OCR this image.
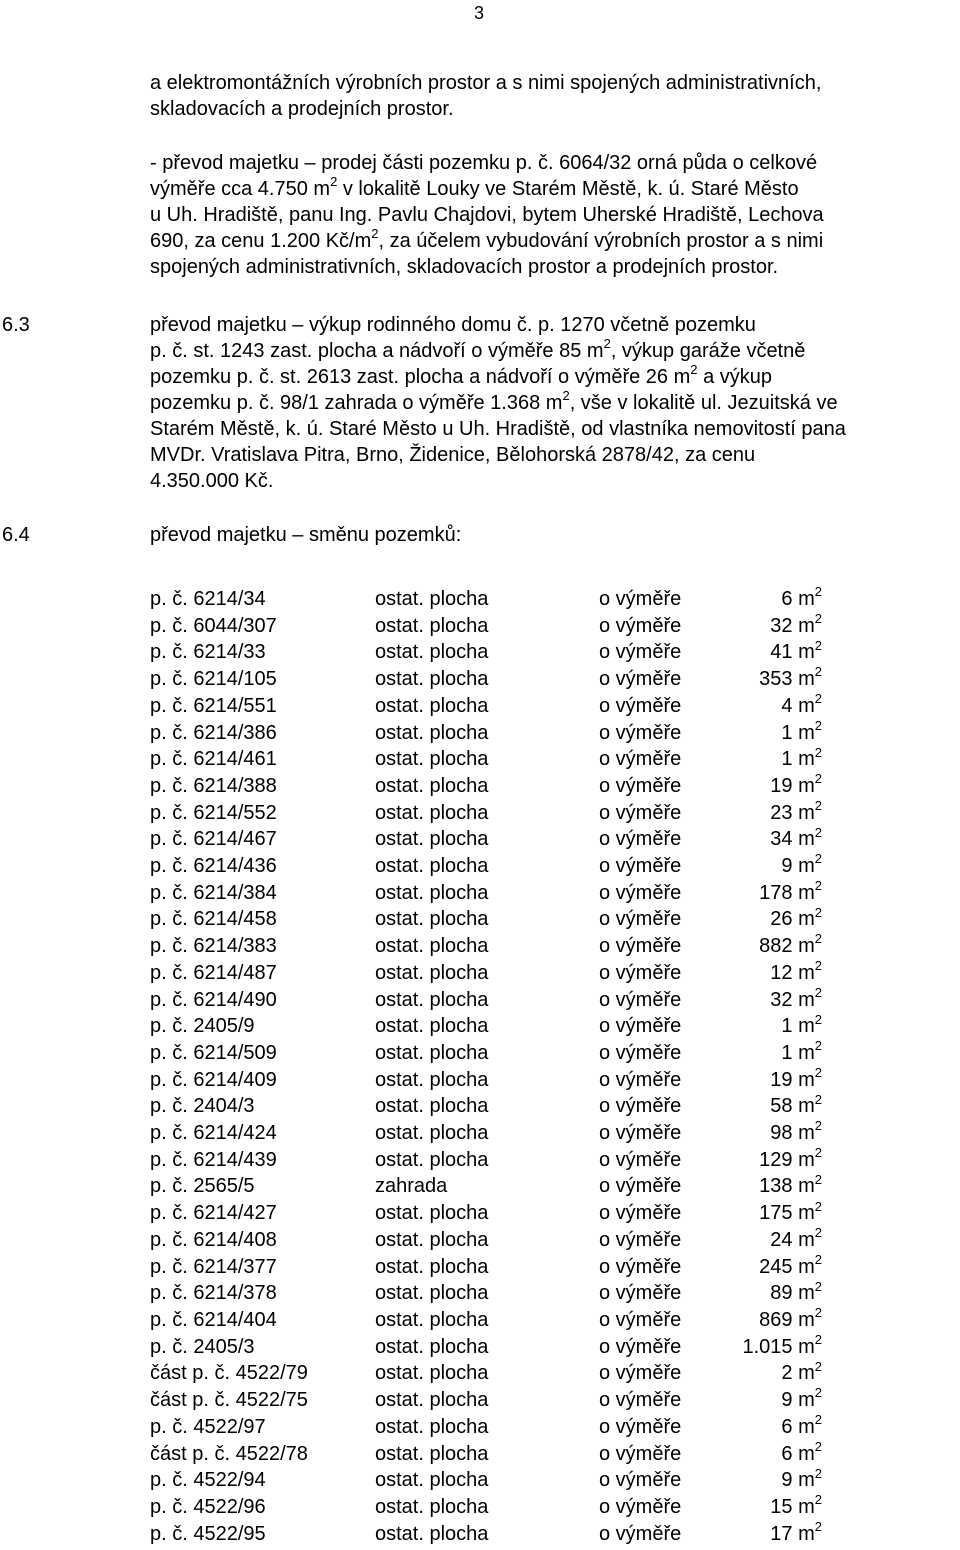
3
a elektromontážních výrobních prostor a s nimi spojených administrativních,
skladovacích a prodejních prostor.
- převod majetku – prodej části pozemku p. č. 6064/32 orná půda o celkové
výměře cca 4.750 $m^2$ v lokalitě Louky ve Starém Městě, k. ú. Staré Město
u Uh. Hradiště, panu Ing. Pavlu Chajdovi, bytem Uherské Hradiště, Lechova
690, za cenu 1.200 $Kč/m^2$, za účelem vybudování výrobních prostor a s nimi
spojených administrativních, skladovacích prostor a prodejních prostor.
6.3	převod majetku – výkup rodinného domu č. p. 1270 včetně pozemku
p. č. st. 1243 zast. plocha a nádvoří o výměře 85 $m^2$, výkup garáže včetně
pozemku p. č. st. 2613 zast. plocha a nádvoří o výměře 26 $m^2$ a výkup
pozemku p. č. 98/1 zahrada o výměře 1.368 $m^2$, vše v lokalitě ul. Jezuitská ve
Starém Městě, k. ú. Staré Město u Uh. Hradiště, od vlastníka nemovitostí pana
MVDr. Vratislava Pitra, Brno, Židenice, Bělohorská 2878/42, za cenu
4.350.000 Kč.
6.4	převod majetku – směnu pozemků:
p. č. 6214/34	ostat. plocha	o výměře	6 $m^2$
p. č. 6044/307	ostat. plocha	o výměře	32 $m^2$
p. č. 6214/33	ostat. plocha	o výměře	41 $m^2$
p. č. 6214/105	ostat. plocha	o výměře	353 $m^2$
p. č. 6214/551	ostat. plocha	o výměře	4 $m^2$
p. č. 6214/386	ostat. plocha	o výměře	1 $m^2$
p. č. 6214/461	ostat. plocha	o výměře	1 $m^2$
p. č. 6214/388	ostat. plocha	o výměře	19 $m^2$
p. č. 6214/552	ostat. plocha	o výměře	23 $m^2$
p. č. 6214/467	ostat. plocha	o výměře	34 $m^2$
p. č. 6214/436	ostat. plocha	o výměře	9 $m^2$
p. č. 6214/384	ostat. plocha	o výměře	178 $m^2$
p. č. 6214/458	ostat. plocha	o výměře	26 $m^2$
p. č. 6214/383	ostat. plocha	o výměře	882 $m^2$
p. č. 6214/487	ostat. plocha	o výměře	12 $m^2$
p. č. 6214/490	ostat. plocha	o výměře	32 $m^2$
p. č. 2405/9	ostat. plocha	o výměře	1 $m^2$
p. č. 6214/509	ostat. plocha	o výměře	1 $m^2$
p. č. 6214/409	ostat. plocha	o výměře	19 $m^2$
p. č. 2404/3	ostat. plocha	o výměře	58 $m^2$
p. č. 6214/424	ostat. plocha	o výměře	98 $m^2$
p. č. 6214/439	ostat. plocha	o výměře	129 $m^2$
p. č. 2565/5	zahrada	o výměře	138 $m^2$
p. č. 6214/427	ostat. plocha	o výměře	175 $m^2$
p. č. 6214/408	ostat. plocha	o výměře	24 $m^2$
p. č. 6214/377	ostat. plocha	o výměře	245 $m^2$
p. č. 6214/378	ostat. plocha	o výměře	89 $m^2$
p. č. 6214/404	ostat. plocha	o výměře	869 $m^2$
p. č. 2405/3	ostat. plocha	o výměře	1.015 $m^2$
část p. č. 4522/79	ostat. plocha	o výměře	2 $m^2$
část p. č. 4522/75	ostat. plocha	o výměře	9 $m^2$
p. č. 4522/97	ostat. plocha	o výměře	6 $m^2$
část p. č. 4522/78	ostat. plocha	o výměře	6 $m^2$
p. č. 4522/94	ostat. plocha	o výměře	9 $m^2$
p. č. 4522/96	ostat. plocha	o výměře	15 $m^2$
p. č. 4522/95	ostat. plocha	o výměře	17 $m^2$
